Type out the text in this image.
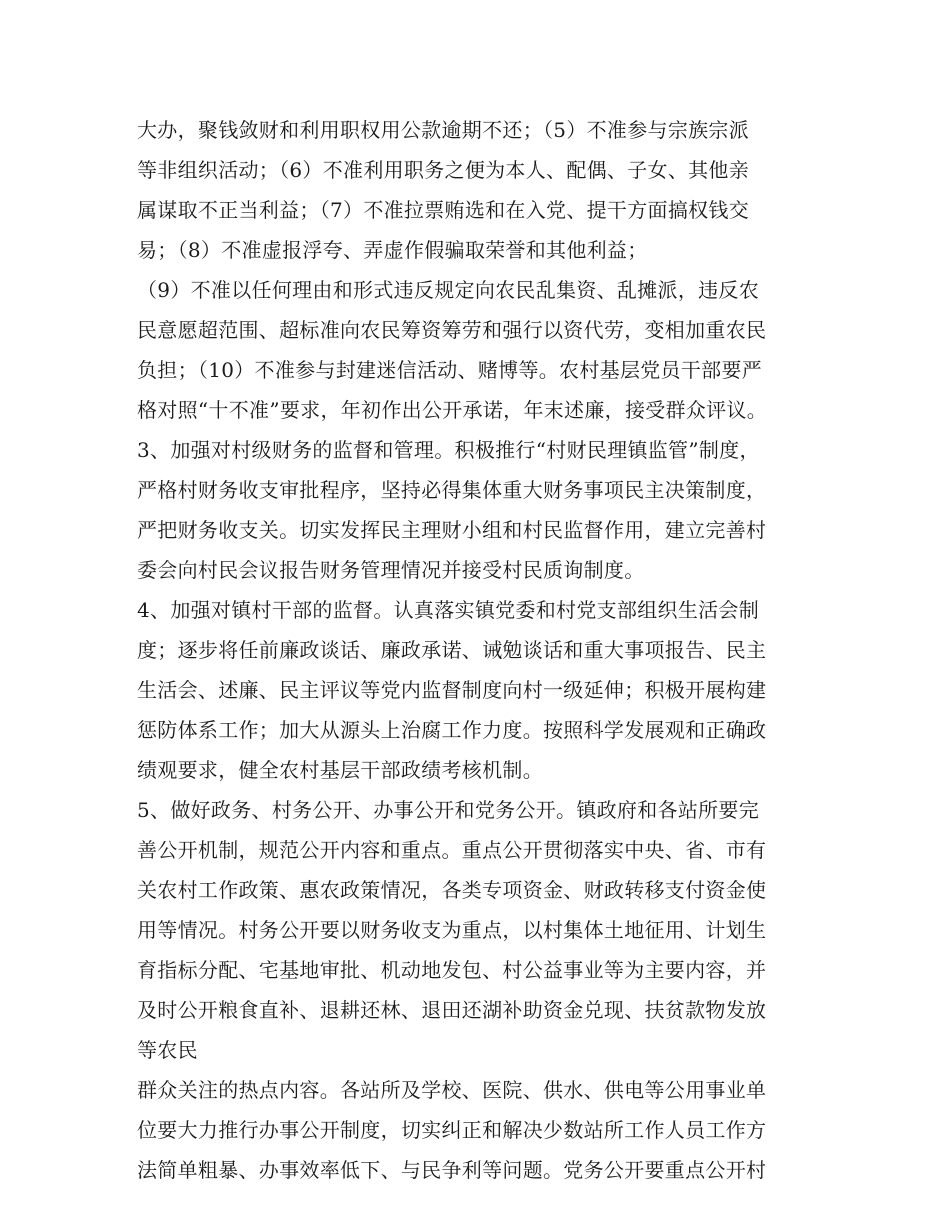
大办，聚钱敛财和利用职权用公款逾期不还；（5）不准参与宗族宗派
等非组织活动；（6）不准利用职务之便为本人、配偶、子女、其他亲
属谋取不正当利益；（7）不准拉票贿选和在入党、提干方面搞权钱交
易；（8）不准虚报浮夸、弄虚作假骗取荣誉和其他利益；
（9）不准以任何理由和形式违反规定向农民乱集资、乱摊派，违反农
民意愿超范围、超标准向农民筹资筹劳和强行以资代劳，变相加重农民
负担；（10）不准参与封建迷信活动、赌博等。农村基层党员干部要严
格对照“十不准”要求，年初作出公开承诺，年末述廉，接受群众评议。
3、加强对村级财务的监督和管理。积极推行“村财民理镇监管”制度，
严格村财务收支审批程序，坚持必得集体重大财务事项民主决策制度，
严把财务收支关。切实发挥民主理财小组和村民监督作用，建立完善村
委会向村民会议报告财务管理情况并接受村民质询制度。
4、加强对镇村干部的监督。认真落实镇党委和村党支部组织生活会制
度；逐步将任前廉政谈话、廉政承诺、诫勉谈话和重大事项报告、民主
生活会、述廉、民主评议等党内监督制度向村一级延伸；积极开展构建
惩防体系工作；加大从源头上治腐工作力度。按照科学发展观和正确政
绩观要求，健全农村基层干部政绩考核机制。
5、做好政务、村务公开、办事公开和党务公开。镇政府和各站所要完
善公开机制，规范公开内容和重点。重点公开贯彻落实中央、省、市有
关农村工作政策、惠农政策情况，各类专项资金、财政转移支付资金使
用等情况。村务公开要以财务收支为重点，以村集体土地征用、计划生
育指标分配、宅基地审批、机动地发包、村公益事业等为主要内容，并
及时公开粮食直补、退耕还林、退田还湖补助资金兑现、扶贫款物发放
等农民
群众关注的热点内容。各站所及学校、医院、供水、供电等公用事业单
位要大力推行办事公开制度，切实纠正和解决少数站所工作人员工作方
法简单粗暴、办事效率低下、与民争利等问题。党务公开要重点公开村
